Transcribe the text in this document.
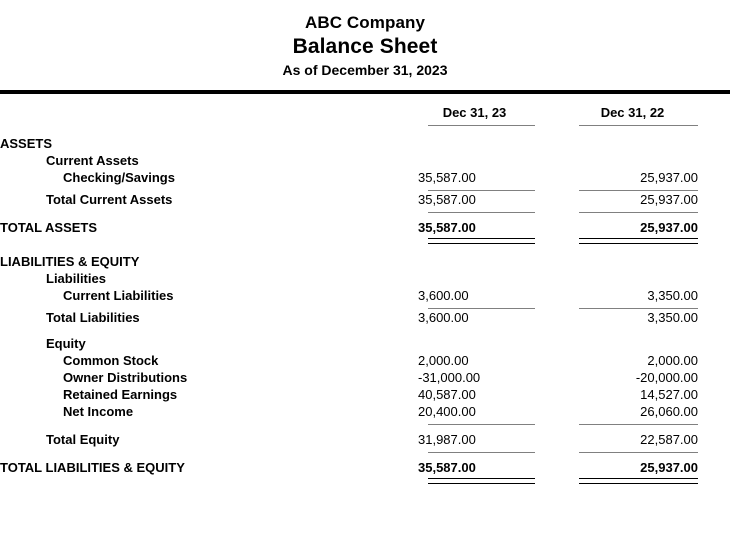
ABC Company
Balance Sheet
As of December 31, 2023
	Dec 31, 23	Dec 31, 22

ASSETS		
Current Assets		
Checking/Savings	35,587.00	25,937.00

Total Current Assets	35,587.00	25,937.00

TOTAL ASSETS	35,587.00	25,937.00

LIABILITIES & EQUITY		
Liabilities		
Current Liabilities	3,600.00	3,350.00

Total Liabilities	3,600.00	3,350.00

Equity		
Common Stock	2,000.00	2,000.00
Owner Distributions	-31,000.00	-20,000.00
Retained Earnings	40,587.00	14,527.00
Net Income	20,400.00	26,060.00

Total Equity	31,987.00	22,587.00

TOTAL LIABILITIES & EQUITY	35,587.00	25,937.00
